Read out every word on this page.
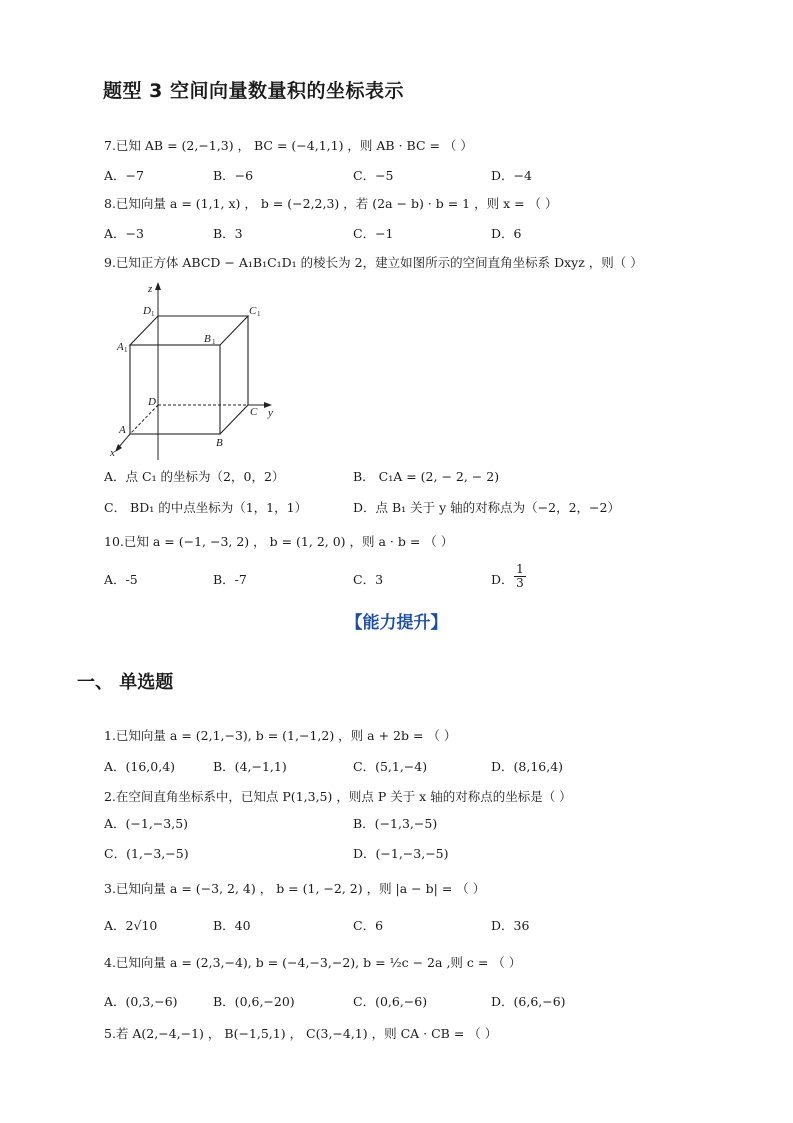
题型 3 空间向量数量积的坐标表示
7.已知 AB = (2,−1,3) ， BC = (−4,1,1) ，则 AB · BC = （ ）
A．−7	B．−6	C．−5	D．−4
8.已知向量 a = (1,1, x) ， b = (−2,2,3) ，若 (2a − b) · b = 1 ，则 x = （ ）
A．−3	B．3	C．−1	D．6
9.已知正方体 ABCD − A₁B₁C₁D₁ 的棱长为 2，建立如图所示的空间直角坐标系 Dxyz ，则（ ）
z
y
x
D 1	C 1
A 1
B 1
D
C
A
B
A．点 C₁ 的坐标为（2，0，2）	B． C₁A = (2, − 2, − 2)
C． BD₁ 的中点坐标为（1，1，1）	D．点 B₁ 关于 y 轴的对称点为（−2，2，−2）
10.已知 a = (−1, −3, 2) ， b = (1, 2, 0) ，则 a · b = （ ）
A．-5	B．-7	C．3	D． $\frac{1}{3}$
【能力提升】
一、 单选题
1.已知向量 a = (2,1,−3), b = (1,−1,2) ，则 a + 2b = （ ）
A．(16,0,4)	B．(4,−1,1)	C．(5,1,−4)	D．(8,16,4)
2.在空间直角坐标系中，已知点 P(1,3,5) ，则点 P 关于 x 轴的对称点的坐标是（ ）
A．(−1,−3,5)	B．(−1,3,−5)
C．(1,−3,−5)	D．(−1,−3,−5)
3.已知向量 a = (−3, 2, 4) ， b = (1, −2, 2) ，则 |a − b| = （ ）
A．2√10	B．40	C．6	D．36
4.已知向量 a = (2,3,−4), b = (−4,−3,−2), b = ½c − 2a ,则 c = （ ）
A．(0,3,−6)	B．(0,6,−20)	C．(0,6,−6)	D．(6,6,−6)
5.若 A(2,−4,−1) ， B(−1,5,1) ， C(3,−4,1) ，则 CA · CB = （ ）
